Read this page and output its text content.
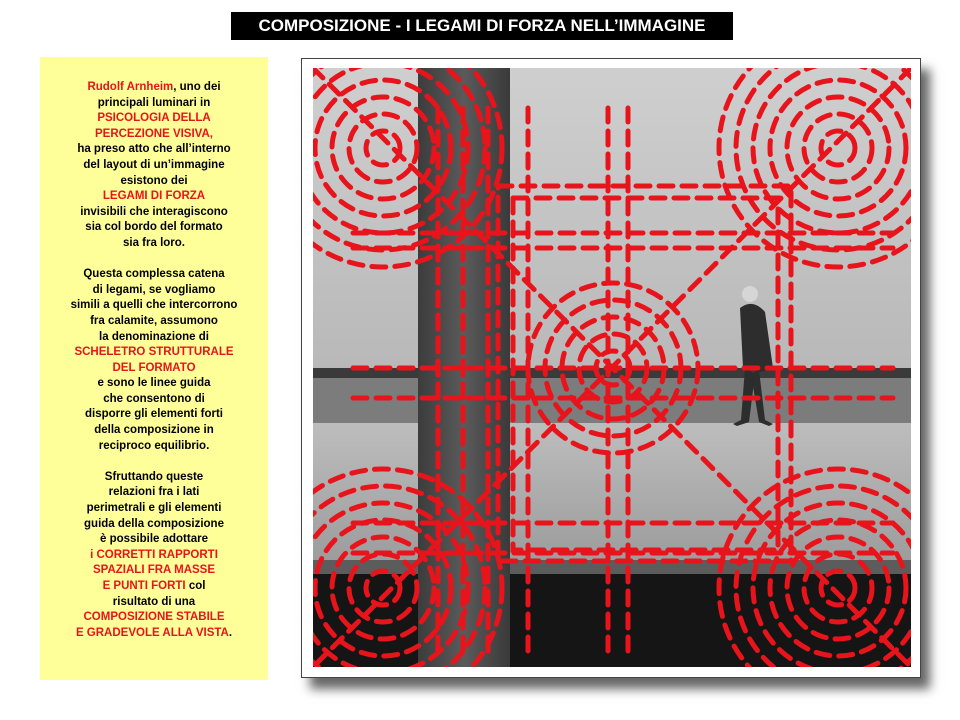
COMPOSIZIONE - I LEGAMI DI FORZA NELL’IMMAGINE
Rudolf Arnheim, uno dei
principali luminari in
PSICOLOGIA DELLA
PERCEZIONE VISIVA,
ha preso atto che all’interno
del layout di un’immagine
esistono dei
LEGAMI DI FORZA
invisibili che interagiscono
sia col bordo del formato
sia fra loro.
Questa complessa catena
di legami, se vogliamo
simili a quelli che intercorrono
fra calamite, assumono
la denominazione di
SCHELETRO STRUTTURALE
DEL FORMATO
e sono le linee guida
che consentono di
disporre gli elementi forti
della composizione in
reciproco equilibrio.
Sfruttando queste
relazioni fra i lati
perimetrali e gli elementi
guida della composizione
è possibile adottare
i CORRETTI RAPPORTI
SPAZIALI FRA MASSE
E PUNTI FORTI col
risultato di una
COMPOSIZIONE STABILE
E GRADEVOLE ALLA VISTA.
